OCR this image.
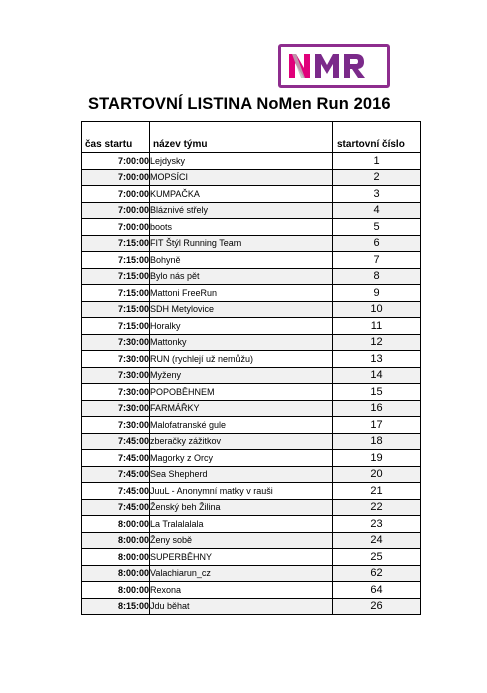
STARTOVNÍ LISTINA NoMen Run 2016
čas startu	název týmu	startovní číslo
7:00:00	Lejdysky	1
7:00:00	MOPSÍCI	2
7:00:00	KUMPAČKA	3
7:00:00	Bláznivé střely	4
7:00:00	boots	5
7:15:00	FIT Štýl Running Team	6
7:15:00	Bohyně	7
7:15:00	Bylo nás pět	8
7:15:00	Mattoni FreeRun	9
7:15:00	SDH Metylovice	10
7:15:00	Horalky	11
7:30:00	Mattonky	12
7:30:00	RUN (rychlejí už nemůžu)	13
7:30:00	Myženy	14
7:30:00	POPOBĚHNEM	15
7:30:00	FARMÁŘKY	16
7:30:00	Malofatranské gule	17
7:45:00	zberačky zážitkov	18
7:45:00	Magorky z Orcy	19
7:45:00	Sea Shepherd	20
7:45:00	JuuL - Anonymní matky v rauši	21
7:45:00	Ženský beh Žilina	22
8:00:00	La Tralalalala	23
8:00:00	Ženy sobě	24
8:00:00	SUPERBĚHNY	25
8:00:00	Valachiarun_cz	62
8:00:00	Rexona	64
8:15:00	Jdu běhat	26
